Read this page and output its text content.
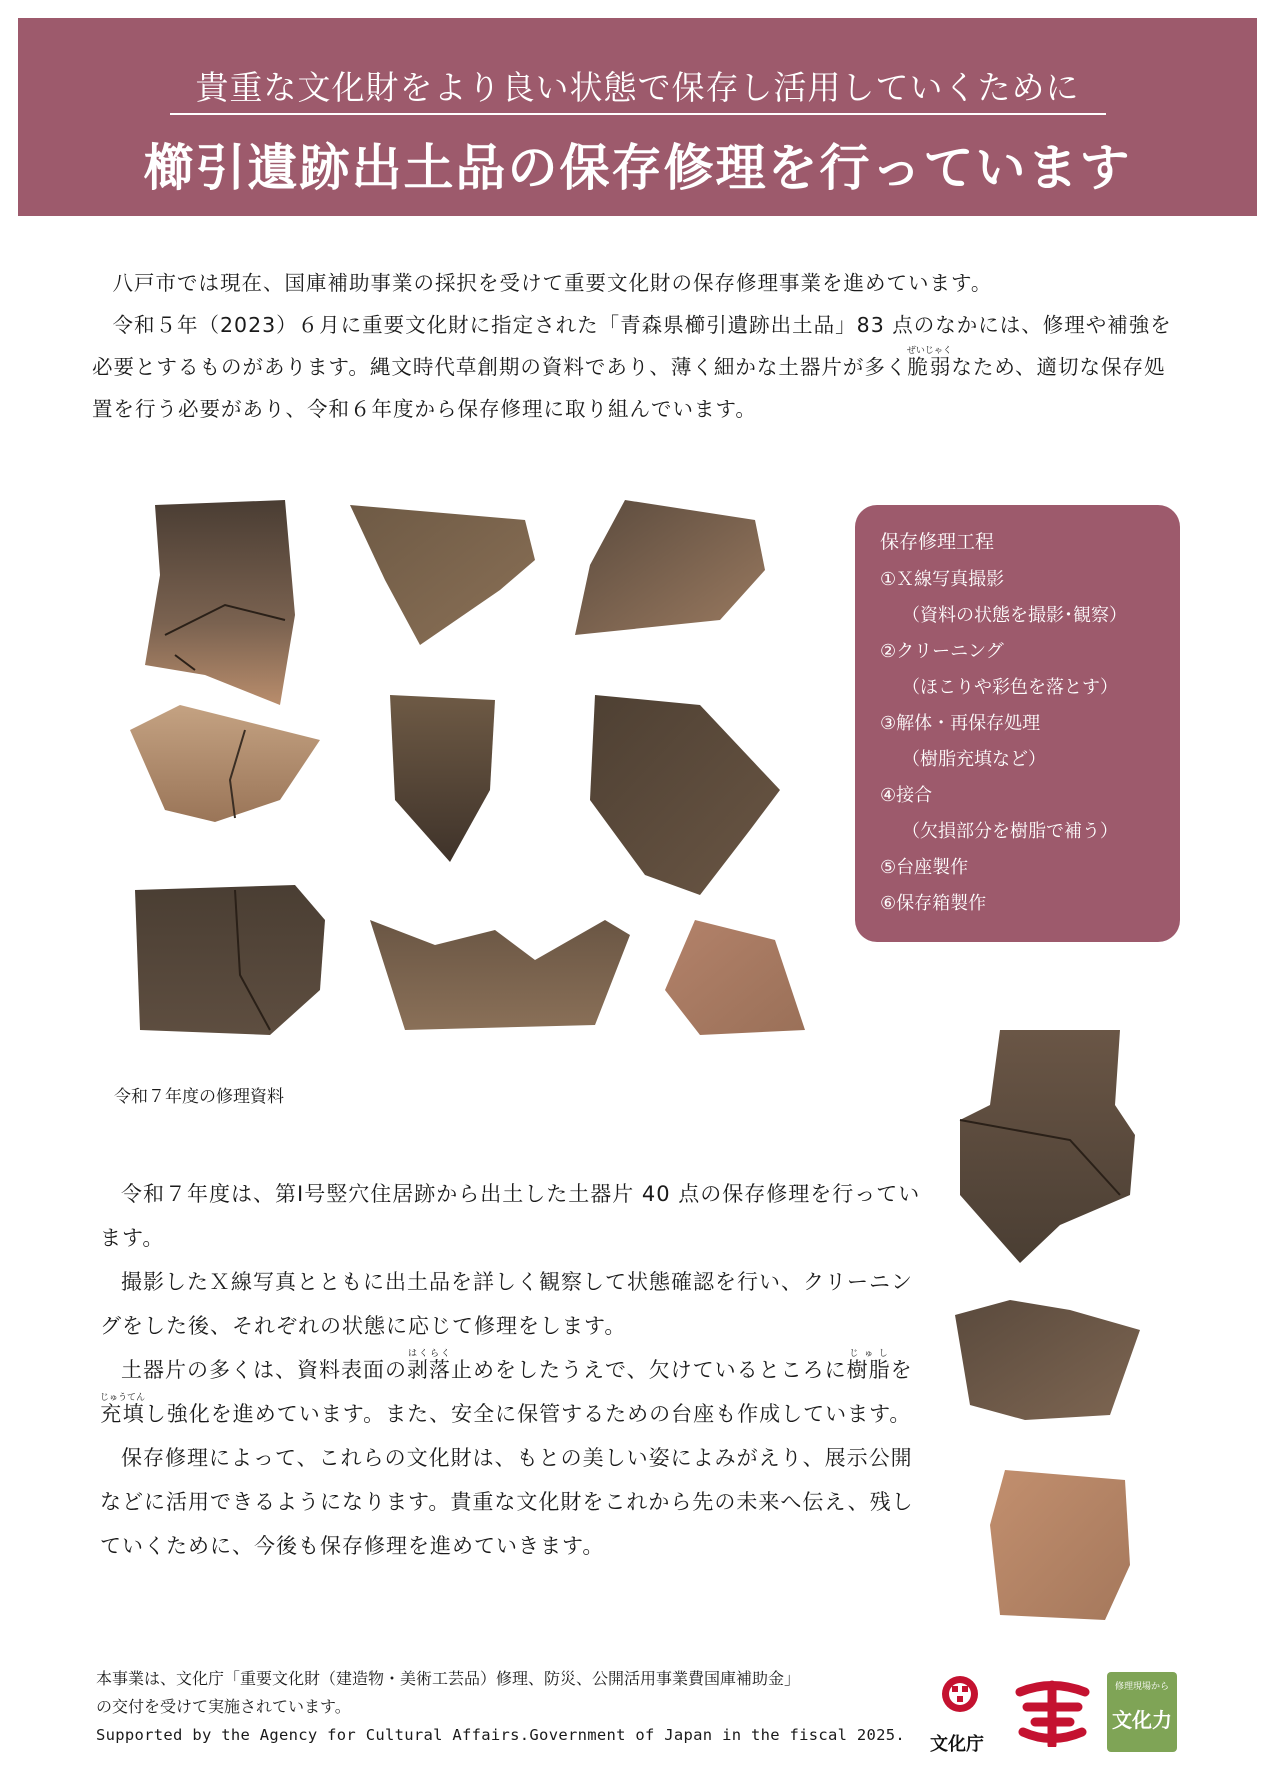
貴重な文化財をより良い状態で保存し活用していくために
櫛引遺跡出土品の保存修理を行っています

八戸市では現在、国庫補助事業の採択を受けて重要文化財の保存修理事業を進めています。

令和５年（2023）６月に重要文化財に指定された「青森県櫛引遺跡出土品」83 点のなかには、修理や補強を必要とするものがあります。縄文時代草創期の資料であり、薄く細かな土器片が多く脆弱ぜいじゃくなため、適切な保存処置を行う必要があり、令和６年度から保存修理に取り組んでいます。

令和７年度の修理資料
保存修理工程
①Ｘ線写真撮影
（資料の状態を撮影･観察）
②クリーニング
（ほこりや彩色を落とす）
③解体・再保存処理
（樹脂充填など）
④接合
（欠損部分を樹脂で補う）
⑤台座製作
⑥保存箱製作

令和７年度は、第Ⅰ号竪穴住居跡から出土した土器片 40 点の保存修理を行っています。

撮影したＸ線写真とともに出土品を詳しく観察して状態確認を行い、クリーニングをした後、それぞれの状態に応じて修理をします。

土器片の多くは、資料表面の剥落はくらく止めをしたうえで、欠けているところに樹脂じゅしを充填じゅうてんし強化を進めています。また、安全に保管するための台座も作成しています。

保存修理によって、これらの文化財は、もとの美しい姿によみがえり、展示公開などに活用できるようになります。貴重な文化財をこれから先の未来へ伝え、残していくために、今後も保存修理を進めていきます。

本事業は、文化庁「重要文化財（建造物・美術工芸品）修理、防災、公開活用事業費国庫補助金」
の交付を受けて実施されています。
Supported by the Agency for Cultural Affairs.Government of Japan in the fiscal 2025. 文化庁
修理現場から
文化力
